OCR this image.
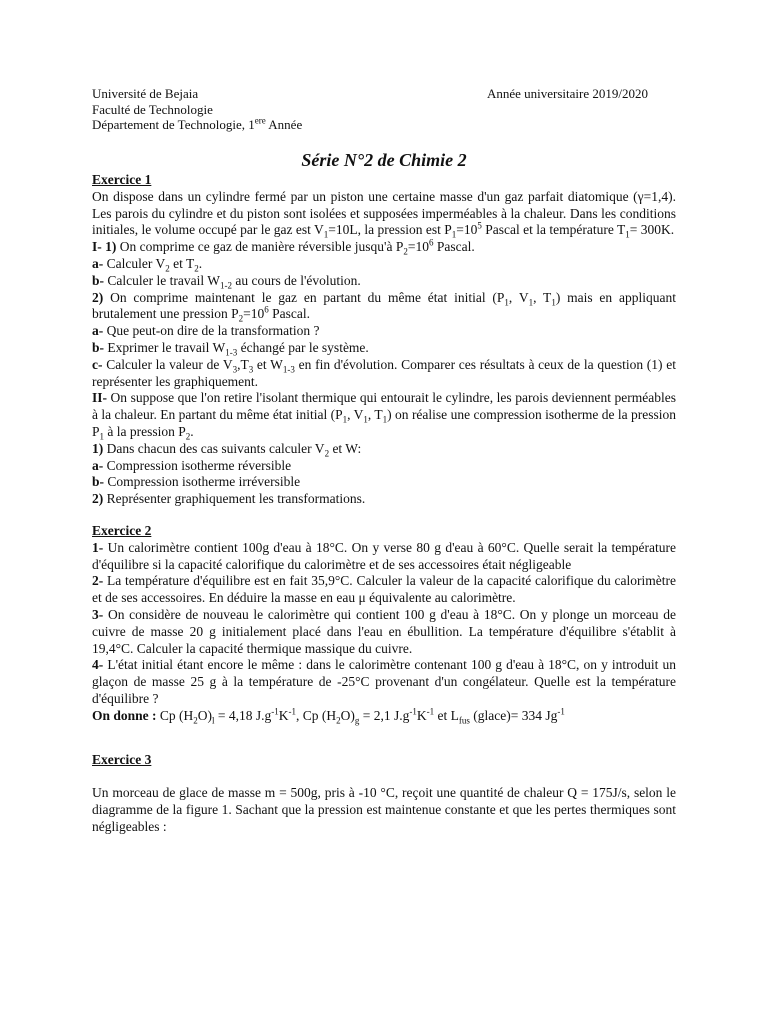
Université de Bejaia
Faculté de Technologie
Département de Technologie, 1ere Année
Année universitaire 2019/2020
Série N°2 de Chimie 2

Exercice 1

On dispose dans un cylindre fermé par un piston une certaine masse d'un gaz parfait diatomique (γ=1,4). Les parois du cylindre et du piston sont isolées et supposées imperméables à la chaleur. Dans les conditions initiales, le volume occupé par le gaz est $V_1=10L$, la pression est $P_1=10^5$ Pascal et la température $T_1= 300K$.

I- 1) On comprime ce gaz de manière réversible jusqu'à $P_2=10^6$ Pascal.

a- Calculer $V_2$ et $T_2$.

b- Calculer le travail $W_{1-2}$ au cours de l'évolution.

2) On comprime maintenant le gaz en partant du même état initial ($P_1$, $V_1$, $T_1$) mais en appliquant brutalement une pression $P_2=10^6$ Pascal.

a- Que peut-on dire de la transformation ?

b- Exprimer le travail $W_{1-3}$ échangé par le système.

c- Calculer la valeur de $V_3,T_3$ et $W_{1-3}$ en fin d'évolution. Comparer ces résultats à ceux de la question (1) et représenter les graphiquement.

II- On suppose que l'on retire l'isolant thermique qui entourait le cylindre, les parois deviennent perméables à la chaleur. En partant du même état initial ($P_1$, $V_1$, $T_1$) on réalise une compression isotherme de la pression $P_1$ à la pression $P_2$.

1) Dans chacun des cas suivants calculer $V_2$ et W:

a- Compression isotherme réversible

b- Compression isotherme irréversible

2) Représenter graphiquement les transformations.

Exercice 2

1- Un calorimètre contient 100g d'eau à 18°C. On y verse 80 g d'eau à 60°C. Quelle serait la température d'équilibre si la capacité calorifique du calorimètre et de ses accessoires était négligeable

2- La température d'équilibre est en fait 35,9°C. Calculer la valeur de la capacité calorifique du calorimètre et de ses accessoires. En déduire la masse en eau μ équivalente au calorimètre.

3- On considère de nouveau le calorimètre qui contient 100 g d'eau à 18°C. On y plonge un morceau de cuivre de masse 20 g initialement placé dans l'eau en ébullition. La température d'équilibre s'établit à 19,4°C. Calculer la capacité thermique massique du cuivre.

4- L'état initial étant encore le même : dans le calorimètre contenant 100 g d'eau à 18°C, on y introduit un glaçon de masse 25 g à la température de -25°C provenant d'un congélateur. Quelle est la température d'équilibre ?

On donne : Cp $(H_2O)_l = 4,18$ $J.g^{-1}K^{-1}$, Cp $(H_2O)_g = 2,1$ $J.g^{-1}K^{-1}$ et $L_{fus}$ (glace)= 334 $Jg^{-1}$

Exercice 3

Un morceau de glace de masse m = 500g, pris à -10 °C, reçoit une quantité de chaleur Q = 175J/s, selon le diagramme de la figure 1. Sachant que la pression est maintenue constante et que les pertes thermiques sont négligeables :
